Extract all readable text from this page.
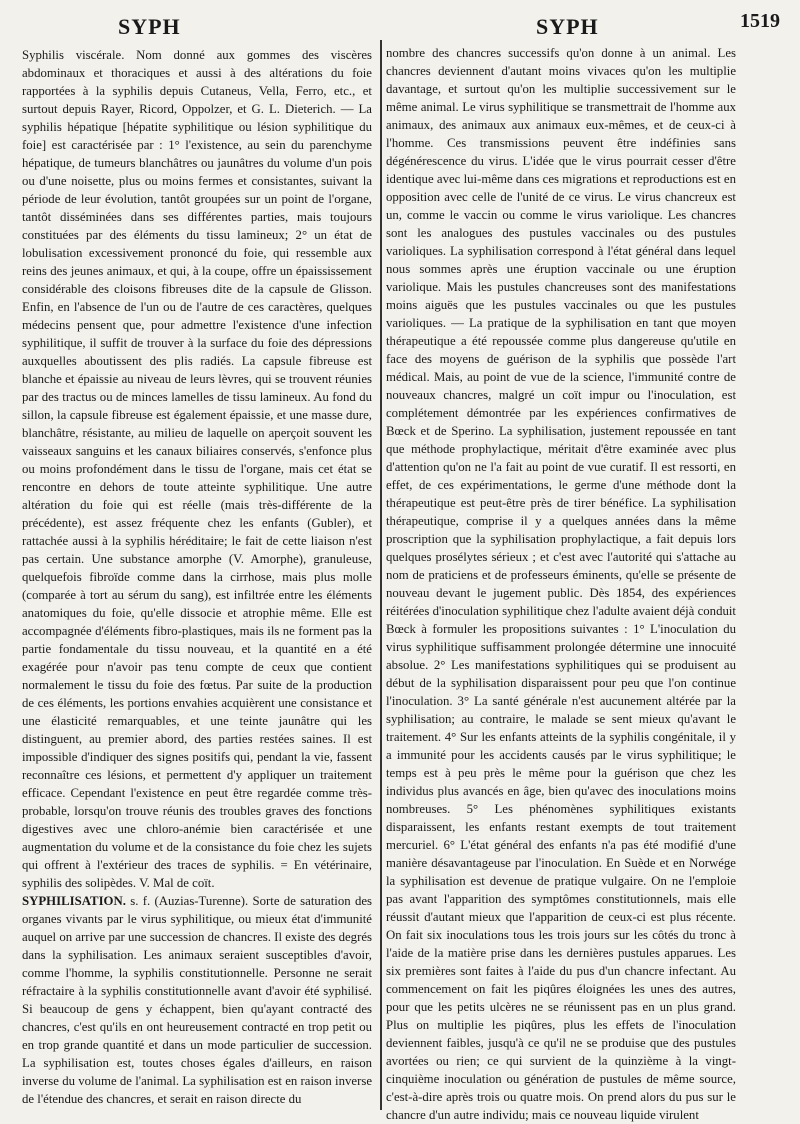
SYPH	SYPH	1519

Syphilis viscérale. Nom donné aux gommes des viscères abdominaux et thoraciques et aussi à des altérations du foie rapportées à la syphilis depuis Cutaneus, Vella, Ferro, etc., et surtout depuis Rayer, Ricord, Oppolzer, et G. L. Dieterich. — La syphilis hépatique [hépatite syphilitique ou lésion syphilitique du foie] est caractérisée par : 1° l'existence, au sein du parenchyme hépatique, de tumeurs blanchâtres ou jaunâtres du volume d'un pois ou d'une noisette, plus ou moins fermes et consistantes, suivant la période de leur évolution, tantôt groupées sur un point de l'organe, tantôt disséminées dans ses différentes parties, mais toujours constituées par des éléments du tissu lamineux; 2° un état de lobulisation excessivement prononcé du foie, qui ressemble aux reins des jeunes animaux, et qui, à la coupe, offre un épaississement considérable des cloisons fibreuses dite de la capsule de Glisson. Enfin, en l'absence de l'un ou de l'autre de ces caractères, quelques médecins pensent que, pour admettre l'existence d'une infection syphilitique, il suffit de trouver à la surface du foie des dépressions auxquelles aboutissent des plis radiés. La capsule fibreuse est blanche et épaissie au niveau de leurs lèvres, qui se trouvent réunies par des tractus ou de minces lamelles de tissu lamineux. Au fond du sillon, la capsule fibreuse est également épaissie, et une masse dure, blanchâtre, résistante, au milieu de laquelle on aperçoit souvent les vaisseaux sanguins et les canaux biliaires conservés, s'enfonce plus ou moins profondément dans le tissu de l'organe, mais cet état se rencontre en dehors de toute atteinte syphilitique. Une autre altération du foie qui est réelle (mais très-différente de la précédente), est assez fréquente chez les enfants (Gubler), et rattachée aussi à la syphilis héréditaire; le fait de cette liaison n'est pas certain. Une substance amorphe (V. Amorphe), granuleuse, quelquefois fibroïde comme dans la cirrhose, mais plus molle (comparée à tort au sérum du sang), est infiltrée entre les éléments anatomiques du foie, qu'elle dissocie et atrophie même. Elle est accompagnée d'éléments fibro-plastiques, mais ils ne forment pas la partie fondamentale du tissu nouveau, et la quantité en a été exagérée pour n'avoir pas tenu compte de ceux que contient normalement le tissu du foie des fœtus. Par suite de la production de ces éléments, les portions envahies acquièrent une consistance et une élasticité remarquables, et une teinte jaunâtre qui les distinguent, au premier abord, des parties restées saines. Il est impossible d'indiquer des signes positifs qui, pendant la vie, fassent reconnaître ces lésions, et permettent d'y appliquer un traitement efficace. Cependant l'existence en peut être regardée comme très-probable, lorsqu'on trouve réunis des troubles graves des fonctions digestives avec une chloro-anémie bien caractérisée et une augmentation du volume et de la consistance du foie chez les sujets qui offrent à l'extérieur des traces de syphilis. = En vétérinaire, syphilis des solipèdes. V. Mal de coït.

SYPHILISATION. s. f. (Auzias-Turenne). Sorte de saturation des organes vivants par le virus syphilitique, ou mieux état d'immunité auquel on arrive par une succession de chancres. Il existe des degrés dans la syphilisation. Les animaux seraient susceptibles d'avoir, comme l'homme, la syphilis constitutionnelle. Personne ne serait réfractaire à la syphilis constitutionnelle avant d'avoir été syphilisé. Si beaucoup de gens y échappent, bien qu'ayant contracté des chancres, c'est qu'ils en ont heureusement contracté en trop petit ou en trop grande quantité et dans un mode particulier de succession. La syphilisation est, toutes choses égales d'ailleurs, en raison inverse du volume de l'animal. La syphilisation est en raison inverse de l'étendue des chancres, et serait en raison directe du

nombre des chancres successifs qu'on donne à un animal. Les chancres deviennent d'autant moins vivaces qu'on les multiplie davantage, et surtout qu'on les multiplie successivement sur le même animal. Le virus syphilitique se transmettrait de l'homme aux animaux, des animaux aux animaux eux-mêmes, et de ceux-ci à l'homme. Ces transmissions peuvent être indéfinies sans dégénérescence du virus. L'idée que le virus pourrait cesser d'être identique avec lui-même dans ces migrations et reproductions est en opposition avec celle de l'unité de ce virus. Le virus chancreux est un, comme le vaccin ou comme le virus variolique. Les chancres sont les analogues des pustules vaccinales ou des pustules varioliques. La syphilisation correspond à l'état général dans lequel nous sommes après une éruption vaccinale ou une éruption variolique. Mais les pustules chancreuses sont des manifestations moins aiguës que les pustules vaccinales ou que les pustules varioliques. — La pratique de la syphilisation en tant que moyen thérapeutique a été repoussée comme plus dangereuse qu'utile en face des moyens de guérison de la syphilis que possède l'art médical. Mais, au point de vue de la science, l'immunité contre de nouveaux chancres, malgré un coït impur ou l'inoculation, est complétement démontrée par les expériences confirmatives de Bœck et de Sperino. La syphilisation, justement repoussée en tant que méthode prophylactique, méritait d'être examinée avec plus d'attention qu'on ne l'a fait au point de vue curatif. Il est ressorti, en effet, de ces expérimentations, le germe d'une méthode dont la thérapeutique est peut-être près de tirer bénéfice. La syphilisation thérapeutique, comprise il y a quelques années dans la même proscription que la syphilisation prophylactique, a fait depuis lors quelques prosélytes sérieux ; et c'est avec l'autorité qui s'attache au nom de praticiens et de professeurs éminents, qu'elle se présente de nouveau devant le jugement public. Dès 1854, des expériences réitérées d'inoculation syphilitique chez l'adulte avaient déjà conduit Bœck à formuler les propositions suivantes : 1° L'inoculation du virus syphilitique suffisamment prolongée détermine une innocuité absolue. 2° Les manifestations syphilitiques qui se produisent au début de la syphilisation disparaissent pour peu que l'on continue l'inoculation. 3° La santé générale n'est aucunement altérée par la syphilisation; au contraire, le malade se sent mieux qu'avant le traitement. 4° Sur les enfants atteints de la syphilis congénitale, il y a immunité pour les accidents causés par le virus syphilitique; le temps est à peu près le même pour la guérison que chez les individus plus avancés en âge, bien qu'avec des inoculations moins nombreuses. 5° Les phénomènes syphilitiques existants disparaissent, les enfants restant exempts de tout traitement mercuriel. 6° L'état général des enfants n'a pas été modifié d'une manière désavantageuse par l'inoculation. En Suède et en Norwége la syphilisation est devenue de pratique vulgaire. On ne l'emploie pas avant l'apparition des symptômes constitutionnels, mais elle réussit d'autant mieux que l'apparition de ceux-ci est plus récente. On fait six inoculations tous les trois jours sur les côtés du tronc à l'aide de la matière prise dans les dernières pustules apparues. Les six premières sont faites à l'aide du pus d'un chancre infectant. Au commencement on fait les piqûres éloignées les unes des autres, pour que les petits ulcères ne se réunissent pas en un plus grand. Plus on multiplie les piqûres, plus les effets de l'inoculation deviennent faibles, jusqu'à ce qu'il ne se produise que des pustules avortées ou rien; ce qui survient de la quinzième à la vingt-cinquième inoculation ou génération de pustules de même source, c'est-à-dire après trois ou quatre mois. On prend alors du pus sur le chancre d'un autre individu; mais ce nouveau liquide virulent
